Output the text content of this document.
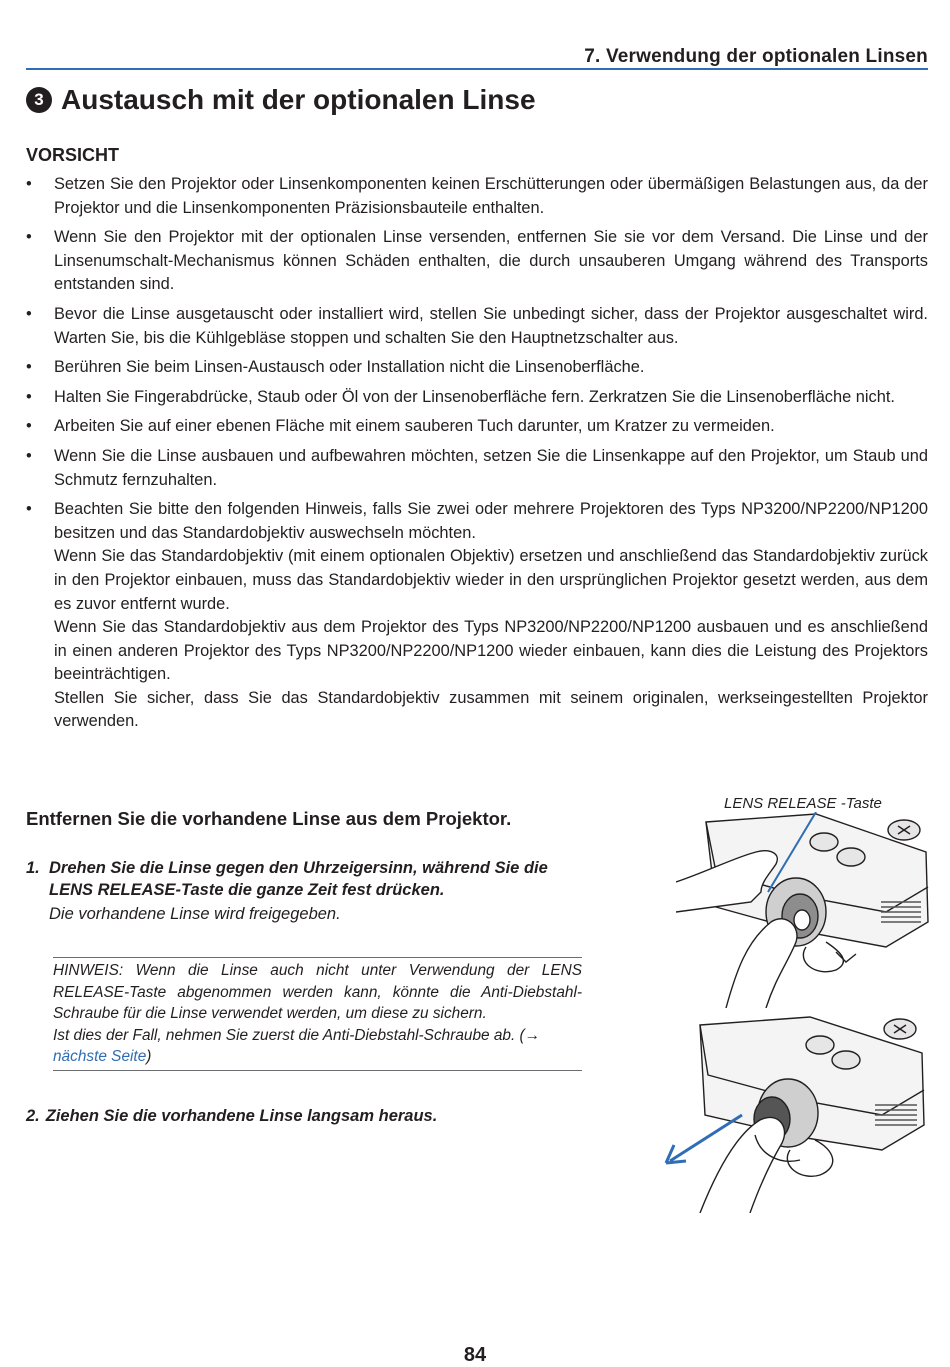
7. Verwendung der optionalen Linsen
3 Austausch mit der optionalen Linse
VORSICHT
• Setzen Sie den Projektor oder Linsenkomponenten keinen Erschütterungen oder übermäßigen Belastungen aus, da der Projektor und die Linsenkomponenten Präzisionsbauteile enthalten.
• Wenn Sie den Projektor mit der optionalen Linse versenden, entfernen Sie sie vor dem Versand. Die Linse und der Linsenumschalt-Mechanismus können Schäden enthalten, die durch unsauberen Umgang während des Transports entstanden sind.
• Bevor die Linse ausgetauscht oder installiert wird, stellen Sie unbedingt sicher, dass der Projektor ausgeschaltet wird. Warten Sie, bis die Kühlgebläse stoppen und schalten Sie den Hauptnetzschalter aus.
• Berühren Sie beim Linsen-Austausch oder Installation nicht die Linsenoberfläche.
• Halten Sie Fingerabdrücke, Staub oder Öl von der Linsenoberfläche fern. Zerkratzen Sie die Linsenoberfläche nicht.
• Arbeiten Sie auf einer ebenen Fläche mit einem sauberen Tuch darunter, um Kratzer zu vermeiden.
• Wenn Sie die Linse ausbauen und aufbewahren möchten, setzen Sie die Linsenkappe auf den Projektor, um Staub und Schmutz fernzuhalten.

• Beachten Sie bitte den folgenden Hinweis, falls Sie zwei oder mehrere Projektoren des Typs NP3200/NP2200/NP1200 besitzen und das Standardobjektiv auswechseln möchten.

Wenn Sie das Standardobjektiv (mit einem optionalen Objektiv) ersetzen und anschließend das Standardobjektiv zurück in den Projektor einbauen, muss das Standardobjektiv wieder in den ursprünglichen Projektor gesetzt werden, aus dem es zuvor entfernt wurde.

Wenn Sie das Standardobjektiv aus dem Projektor des Typs NP3200/NP2200/NP1200 ausbauen und es anschließend in einen anderen Projektor des Typs NP3200/NP2200/NP1200 wieder einbauen, kann dies die Leistung des Projektors beeinträchtigen.

Stellen Sie sicher, dass Sie das Standardobjektiv zusammen mit seinem originalen, werkseingestellten Projektor verwenden.

Entfernen Sie die vorhandene Linse aus dem Projektor.
1. Drehen Sie die Linse gegen den Uhrzeigersinn, während Sie die LENS RELEASE-Taste die ganze Zeit fest drücken.
Die vorhandene Linse wird freigegeben.

HINWEIS: Wenn die Linse auch nicht unter Verwendung der LENS RELEASE-Taste abgenommen werden kann, könnte die Anti-Diebstahl-Schraube für die Linse verwendet werden, um diese zu sichern.

Ist dies der Fall, nehmen Sie zuerst die Anti-Diebstahl-Schraube ab. (→
nächste Seite)

2. Ziehen Sie die vorhandene Linse langsam heraus.
LENS RELEASE -Taste
84
